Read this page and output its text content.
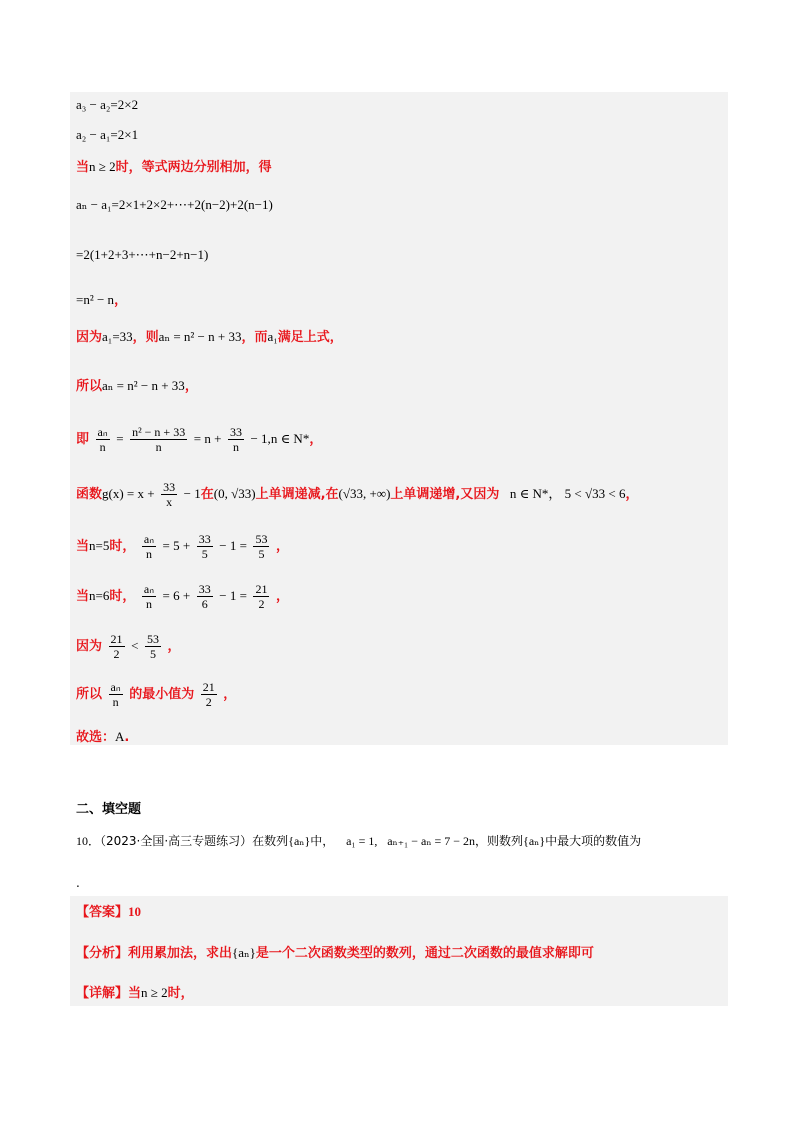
a₃ − a₂=2×2
a₂ − a₁=2×1
当n ≥ 2时，等式两边分别相加，得
aₙ − a₁=2×1+2×2+⋯+2(n−2)+2(n−1)
=2(1+2+3+⋯+n−2+n−1)
=n² − n，
因为a₁=33，则aₙ = n² − n + 33，而a₁满足上式，
所以aₙ = n² − n + 33，
即 $\frac{\text{aₙ}}{n} = \frac{\text{n² − n + 33}}{n} = n + \frac{33}{n} - 1,n$ ∈ N*，
函数$g(x) = x + \frac{33}{x} - 1$在(0, √33)上单调递减,在(√33, +∞)上单调递增,又因为 n ∈ N*， 5 < √33 < 6，
当n=5时， $\frac{\text{aₙ}}{n} = 5 + \frac{33}{5} - 1 = \frac{53}{5}$ ，
当n=6时， $\frac{\text{aₙ}}{n} = 6 + \frac{33}{6} - 1 = \frac{21}{2}$ ，
因为 $\frac{21}{2} < \frac{53}{5}$ ，
所以 $\frac{\text{aₙ}}{n}$ 的最小值为 $\frac{21}{2}$ ，
故选：A.
二、填空题
10．（2023·全国·高三专题练习）在数列{aₙ}中， a₁ = 1, aₙ₊₁ − aₙ = 7 − 2n，则数列{aₙ}中最大项的数值为
.
【答案】10
【分析】利用累加法，求出{aₙ}是一个二次函数类型的数列，通过二次函数的最值求解即可
【详解】当n ≥ 2时，
